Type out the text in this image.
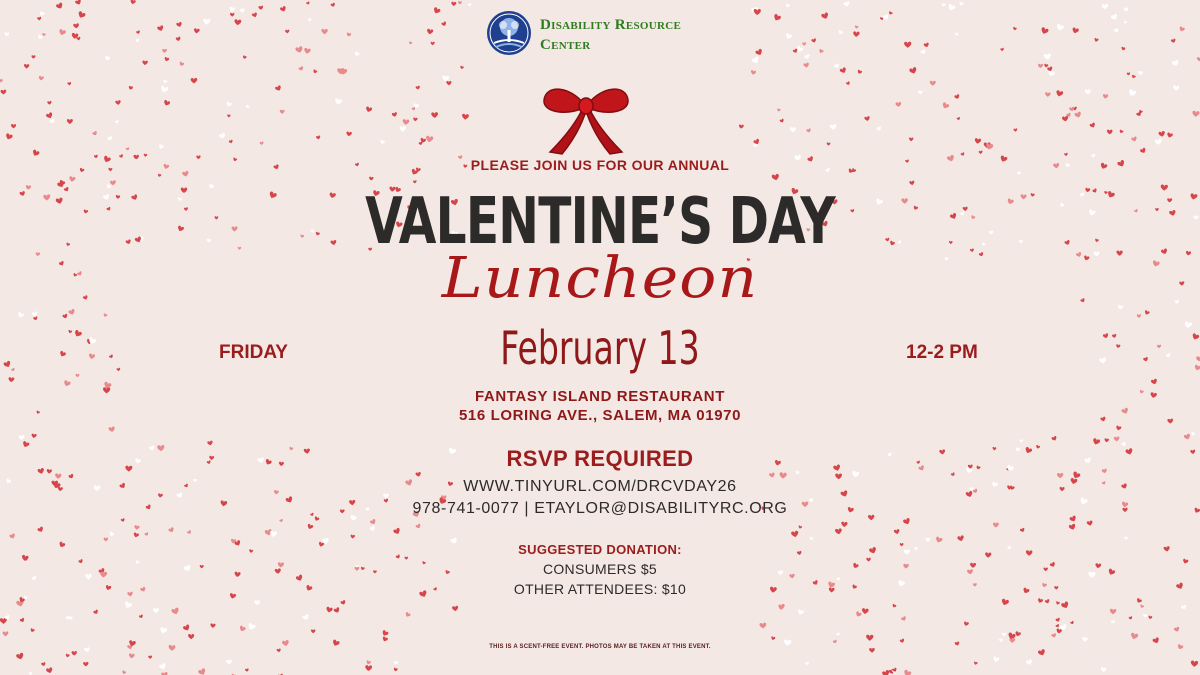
Disability Resource
Center
PLEASE JOIN US FOR OUR ANNUAL
VALENTINE’S DAY
Luncheon
FRIDAY	February 13	12-2 PM
FANTASY ISLAND RESTAURANT
516 LORING AVE., SALEM, MA 01970
RSVP REQUIRED
WWW.TINYURL.COM/DRCVDAY26
978-741-0077 | ETAYLOR@DISABILITYRC.ORG
SUGGESTED DONATION:
CONSUMERS $5
OTHER ATTENDEES: $10
THIS IS A SCENT-FREE EVENT. PHOTOS MAY BE TAKEN AT THIS EVENT.
